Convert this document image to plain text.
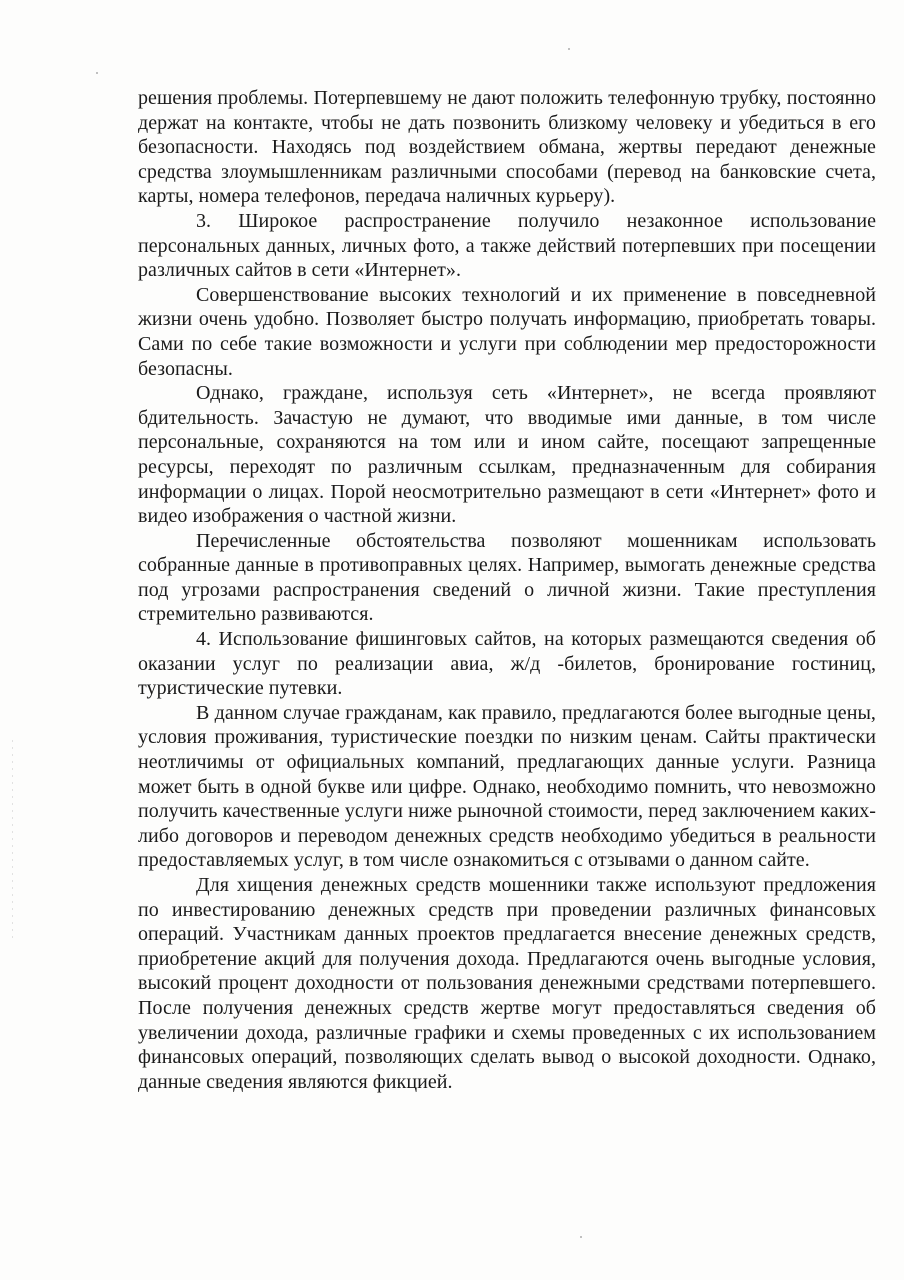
решения проблемы. Потерпевшему не дают положить телефонную трубку, постоянно держат на контакте, чтобы не дать позвонить близкому человеку и убедиться в его безопасности. Находясь под воздействием обмана, жертвы передают денежные средства злоумышленникам различными способами (перевод на банковские счета, карты, номера телефонов, передача наличных курьеру).

3. Широкое распространение получило незаконное использование персональных данных, личных фото, а также действий потерпевших при посещении различных сайтов в сети «Интернет».

Совершенствование высоких технологий и их применение в повседневной жизни очень удобно. Позволяет быстро получать информацию, приобретать товары. Сами по себе такие возможности и услуги при соблюдении мер предосторожности безопасны.

Однако, граждане, используя сеть «Интернет», не всегда проявляют бдительность. Зачастую не думают, что вводимые ими данные, в том числе персональные, сохраняются на том или и ином сайте, посещают запрещенные ресурсы, переходят по различным ссылкам, предназначенным для собирания информации о лицах. Порой неосмотрительно размещают в сети «Интернет» фото и видео изображения о частной жизни.

Перечисленные обстоятельства позволяют мошенникам использовать собранные данные в противоправных целях. Например, вымогать денежные средства под угрозами распространения сведений о личной жизни. Такие преступления стремительно развиваются.

4. Использование фишинговых сайтов, на которых размещаются сведения об оказании услуг по реализации авиа, ж/д -билетов, бронирование гостиниц, туристические путевки.

В данном случае гражданам, как правило, предлагаются более выгодные цены, условия проживания, туристические поездки по низким ценам. Сайты практически неотличимы от официальных компаний, предлагающих данные услуги. Разница может быть в одной букве или цифре. Однако, необходимо помнить, что невозможно получить качественные услуги ниже рыночной стоимости, перед заключением каких-либо договоров и переводом денежных средств необходимо убедиться в реальности предоставляемых услуг, в том числе ознакомиться с отзывами о данном сайте.

Для хищения денежных средств мошенники также используют предложения по инвестированию денежных средств при проведении различных финансовых операций. Участникам данных проектов предлагается внесение денежных средств, приобретение акций для получения дохода. Предлагаются очень выгодные условия, высокий процент доходности от пользования денежными средствами потерпевшего. После получения денежных средств жертве могут предоставляться сведения об увеличении дохода, различные графики и схемы проведенных с их использованием финансовых операций, позволяющих сделать вывод о высокой доходности. Однако, данные сведения являются фикцией.
